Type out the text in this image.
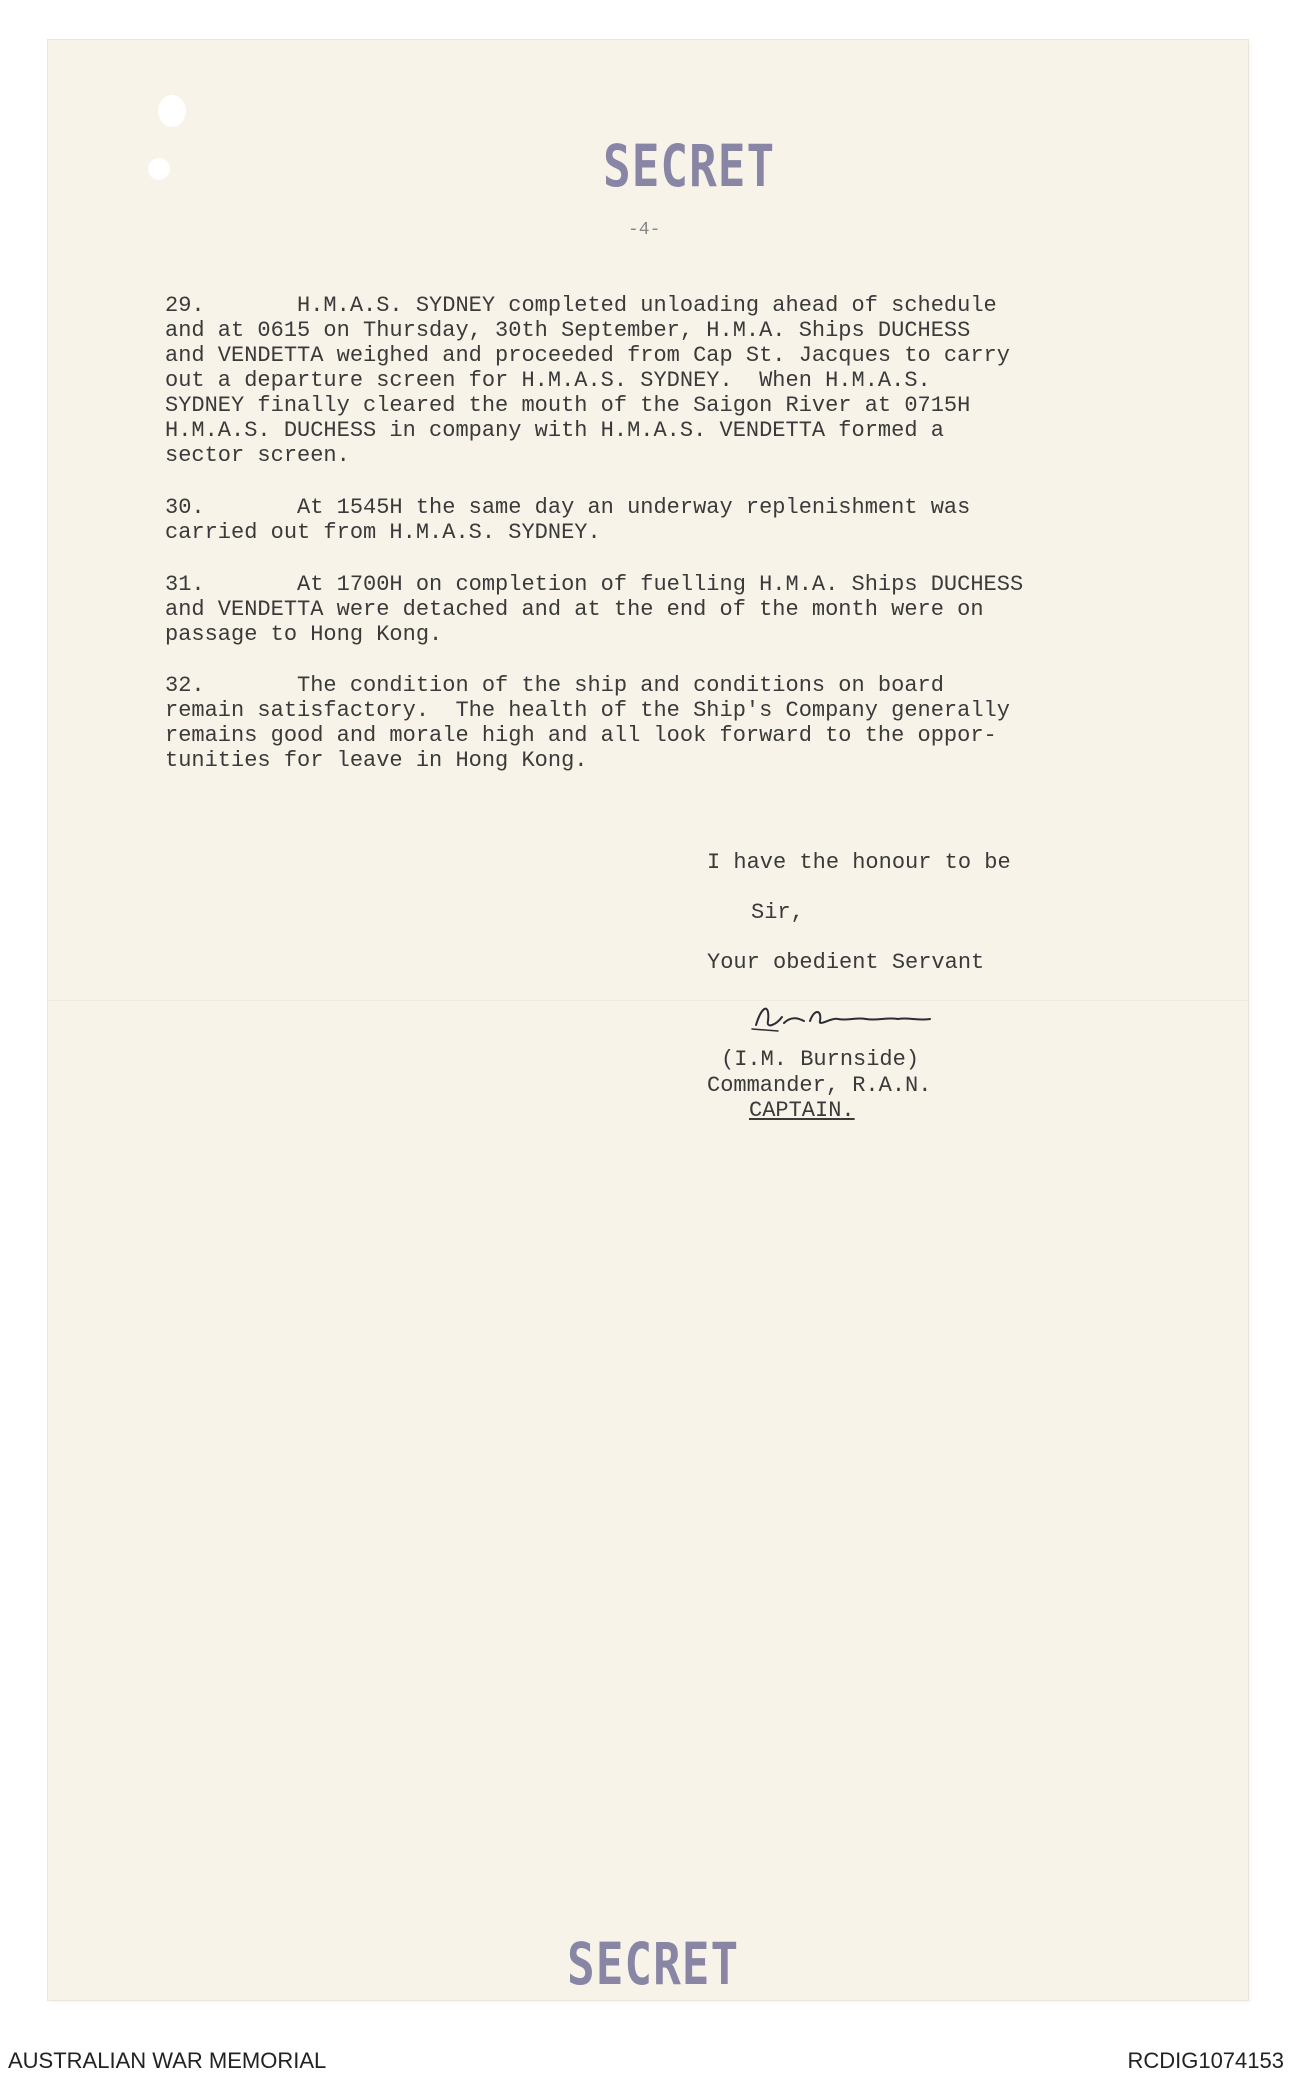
SECRET
-4-
29.       H.M.A.S. SYDNEY completed unloading ahead of schedule
and at 0615 on Thursday, 30th September, H.M.A. Ships DUCHESS
and VENDETTA weighed and proceeded from Cap St. Jacques to carry
out a departure screen for H.M.A.S. SYDNEY.  When H.M.A.S.
SYDNEY finally cleared the mouth of the Saigon River at 0715H
H.M.A.S. DUCHESS in company with H.M.A.S. VENDETTA formed a
sector screen.
30.       At 1545H the same day an underway replenishment was
carried out from H.M.A.S. SYDNEY.
31.       At 1700H on completion of fuelling H.M.A. Ships DUCHESS
and VENDETTA were detached and at the end of the month were on
passage to Hong Kong.
32.       The condition of the ship and conditions on board
remain satisfactory.  The health of the Ship's Company generally
remains good and morale high and all look forward to the oppor-
tunities for leave in Hong Kong.
I have the honour to be
Sir,
Your obedient Servant
(I.M. Burnside)
Commander, R.A.N.
CAPTAIN.
SECRET
AUSTRALIAN WAR MEMORIAL	RCDIG1074153
